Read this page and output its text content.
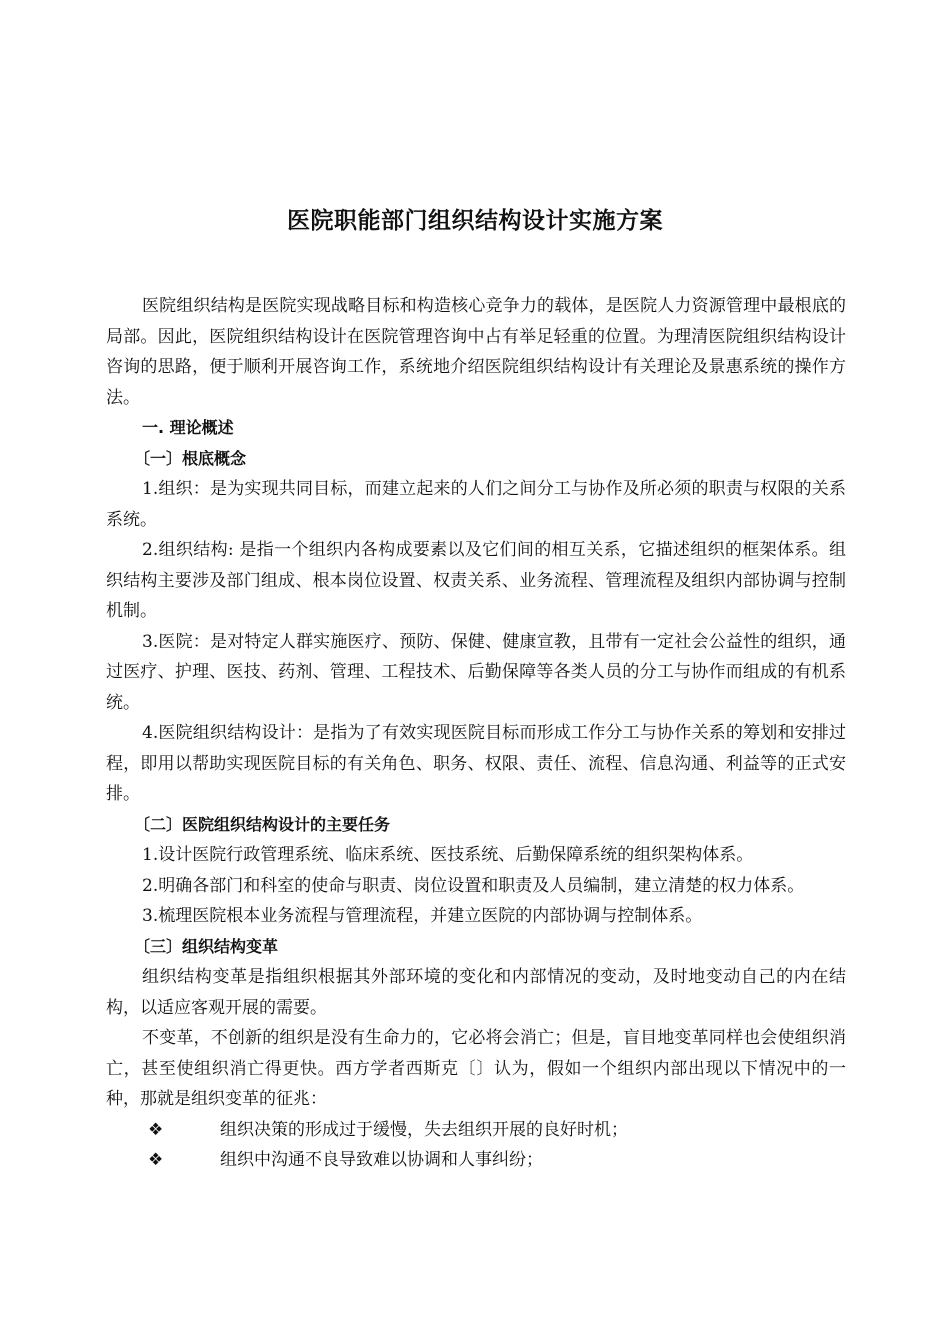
医院职能部门组织结构设计实施方案

医院组织结构是医院实现战略目标和构造核心竞争力的载体，是医院人力资源管理中最根底的局部。因此，医院组织结构设计在医院管理咨询中占有举足轻重的位置。为理清医院组织结构设计咨询的思路，便于顺利开展咨询工作，系统地介绍医院组织结构设计有关理论及景惠系统的操作方法。

一. 理论概述

〔一〕根底概念

1.组织：是为实现共同目标，而建立起来的人们之间分工与协作及所必须的职责与权限的关系系统。

2.组织结构: 是指一个组织内各构成要素以及它们间的相互关系，它描述组织的框架体系。组织结构主要涉及部门组成、根本岗位设置、权责关系、业务流程、管理流程及组织内部协调与控制机制。

3.医院：是对特定人群实施医疗、预防、保健、健康宣教，且带有一定社会公益性的组织，通过医疗、护理、医技、药剂、管理、工程技术、后勤保障等各类人员的分工与协作而组成的有机系统。

4.医院组织结构设计：是指为了有效实现医院目标而形成工作分工与协作关系的筹划和安排过程，即用以帮助实现医院目标的有关角色、职务、权限、责任、流程、信息沟通、利益等的正式安排。

〔二〕医院组织结构设计的主要任务

1.设计医院行政管理系统、临床系统、医技系统、后勤保障系统的组织架构体系。

2.明确各部门和科室的使命与职责、岗位设置和职责及人员编制，建立清楚的权力体系。

3.梳理医院根本业务流程与管理流程，并建立医院的内部协调与控制体系。

〔三〕组织结构变革

组织结构变革是指组织根据其外部环境的变化和内部情况的变动，及时地变动自己的内在结构，以适应客观开展的需要。

不变革，不创新的组织是没有生命力的，它必将会消亡；但是，盲目地变革同样也会使组织消亡，甚至使组织消亡得更快。西方学者西斯克〔〕认为，假如一个组织内部出现以下情况中的一种，那就是组织变革的征兆：

❖	组织决策的形成过于缓慢，失去组织开展的良好时机；
❖	组织中沟通不良导致难以协调和人事纠纷；
